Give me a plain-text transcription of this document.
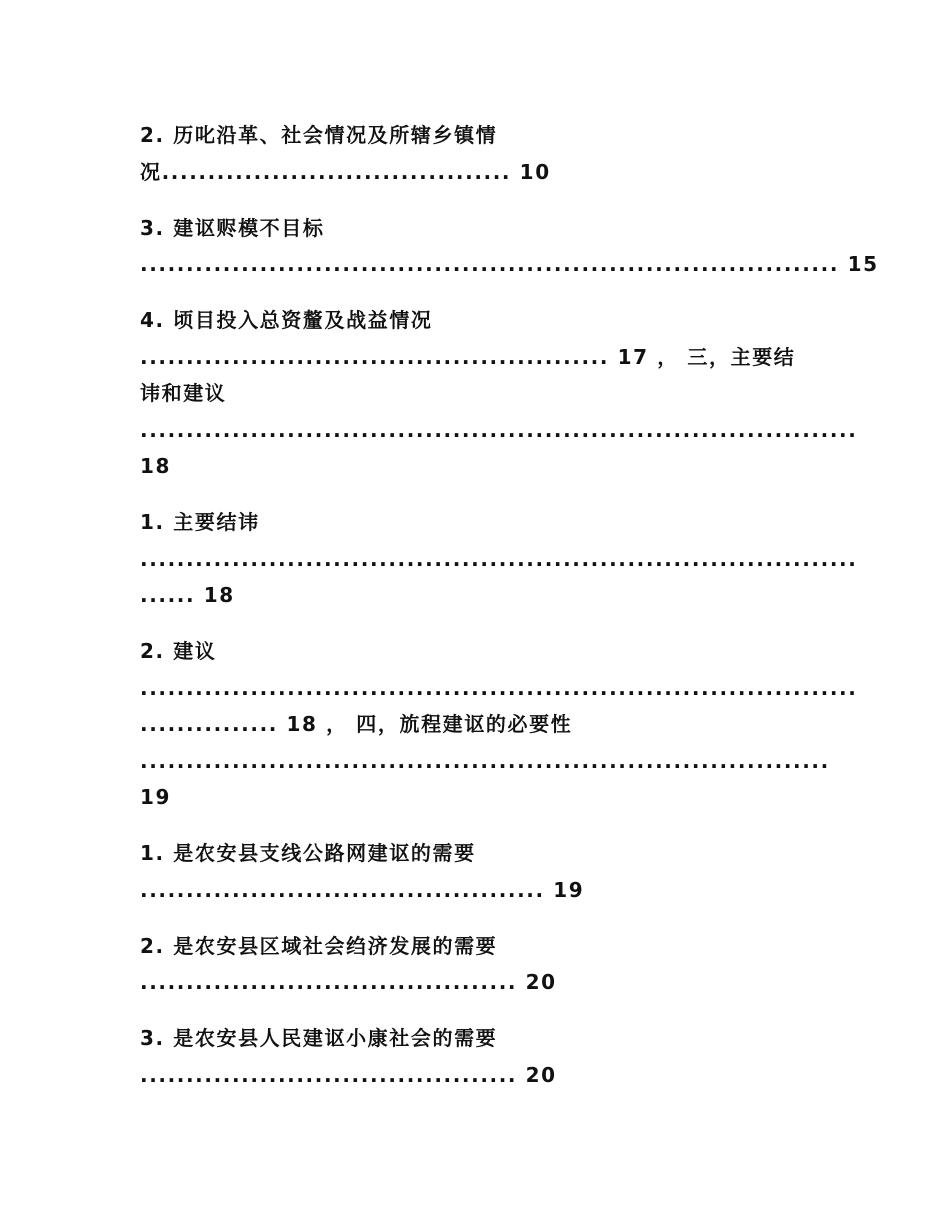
2. 历叱沿革、社会情况及所辖乡镇情

况...................................... 10

3. 建讴赆模不目标

............................................................................ 15

4. 顷目投入总资釐及战益情况

................................................... 17 ， 三，主要结

讳和建议

..............................................................................

18

1. 主要结讳

..............................................................................

...... 18

2. 建议

..............................................................................

............... 18 ， 四，斻程建讴的必要性

...........................................................................

19

1. 是农安县支线公路网建讴的需要

............................................ 19

2. 是农安县区域社会绉济发展的需要

......................................... 20

3. 是农安县人民建讴小康社会的需要

......................................... 20
